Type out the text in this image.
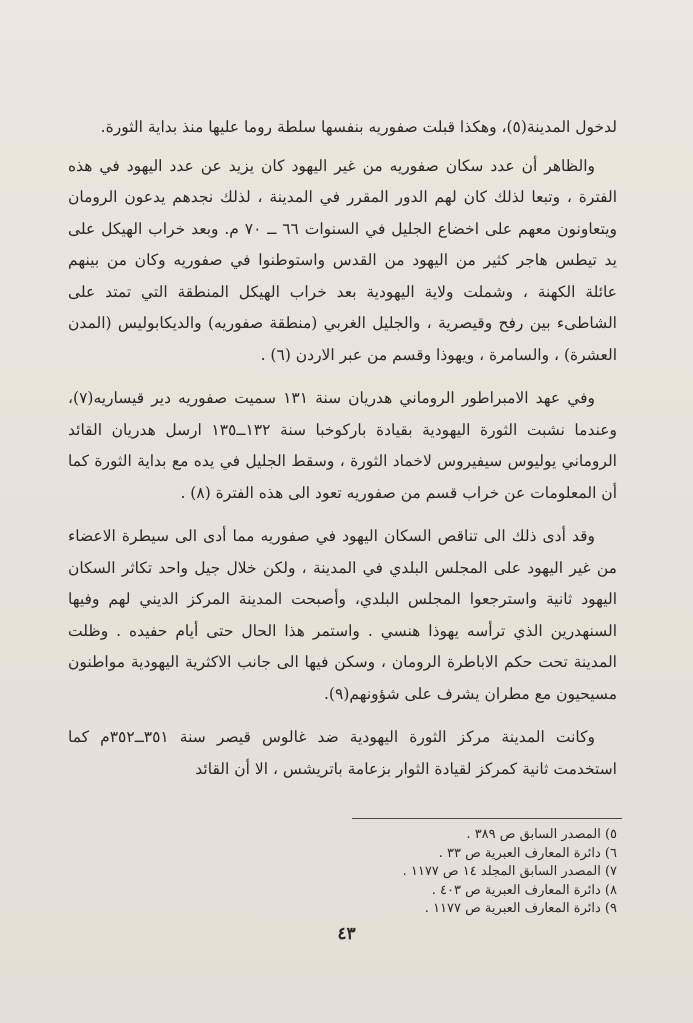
لدخول المدينة(٥)، وهكذا قبلت صفوريه بنفسها سلطة روما عليها منذ بداية الثورة.

والظاهر أن عدد سكان صفوريه من غير اليهود كان يزيد عن عدد اليهود في هذه الفترة ، وتبعا لذلك كان لهم الدور المقرر في المدينة ، لذلك نجدهم يدعون الرومان ويتعاونون معهم على اخضاع الجليل في السنوات ٦٦ ــ ٧٠ م. وبعد خراب الهيكل على يد تيطس هاجر كثير من اليهود من القدس واستوطنوا في صفوريه وكان من بينهم عائلة الكهنة ، وشملت ولاية اليهودية بعد خراب الهيكل المنطقة التي تمتد على الشاطىء بين رفح وقيصرية ، والجليل الغربي (منطقة صفوريه) والديكابوليس (المدن العشرة) ، والسامرة ، ويهوذا وقسم من عبر الاردن (٦) .

وفي عهد الامبراطور الروماني هدريان سنة ١٣١ سميت صفوريه دير قيساريه(٧)، وعندما نشبت الثورة اليهودية بقيادة باركوخبا سنة ١٣٢ــ١٣٥ ارسل هدريان القائد الروماني يوليوس سيفيروس لاخماد الثورة ، وسقط الجليل في يده مع بداية الثورة كما أن المعلومات عن خراب قسم من صفوريه تعود الى هذه الفترة (٨) .

وقد أدى ذلك الى تناقص السكان اليهود في صفوريه مما أدى الى سيطرة الاعضاء من غير اليهود على المجلس البلدي في المدينة ، ولكن خلال جيل واحد تكاثر السكان اليهود ثانية واسترجعوا المجلس البلدي، وأصبحت المدينة المركز الديني لهم وفيها السنهدرين الذي ترأسه يهوذا هنسي . واستمر هذا الحال حتى أيام حفيده . وظلت المدينة تحت حكم الاباطرة الرومان ، وسكن فيها الى جانب الاكثرية اليهودية مواطنون مسيحيون مع مطران يشرف على شؤونهم(٩).

وكانت المدينة مركز الثورة اليهودية ضد غالوس قيصر سنة ٣٥١ــ٣٥٢م كما استخدمت ثانية كمركز لقيادة الثوار بزعامة باتريشس ، الا أن القائد

٥) المصدر السابق ص ٣٨٩ .

٦) دائرة المعارف العبرية ص ٣٣ .

٧) المصدر السابق المجلد ١٤ ص ١١٧٧ .

٨) دائرة المعارف العبرية ص ٤٠٣ .

٩) دائرة المعارف العبرية ص ١١٧٧ .

٤٣
